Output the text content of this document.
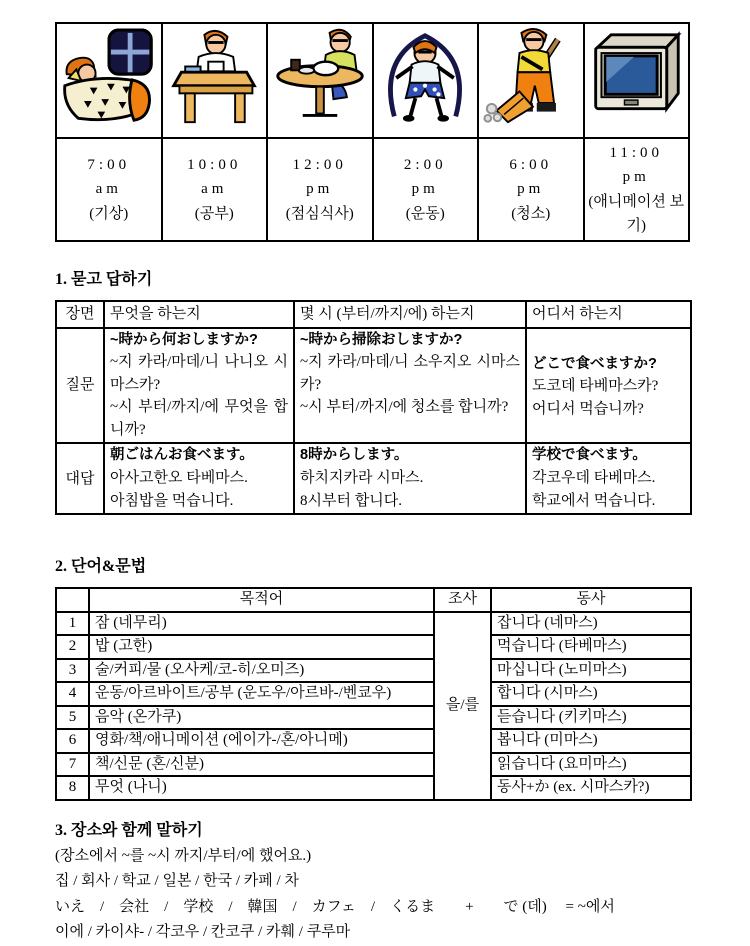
7:00
am
(기상)

10:00
am
(공부)

12:00
pm
(점심식사)

2:00
pm
(운동)

6:00
pm
(청소)

11:00
pm
(애니메이션 보기)
1. 묻고 답하기
장면	무엇을 하는지	몇 시 (부터/까지/에) 하는지	어디서 하는지
질문	
~時から何おしますか?
~지 카라/마데/니 나니오 시마스카?
~시 부터/까지/에 무엇을 합니까?

~時から掃除おしますか?
~지 카라/마데/니 소우지오 시마스카?
~시 부터/까지/에 청소를 합니까?

どこで食べますか?
도코데 타베마스카?
어디서 먹습니까?

대답	
朝ごはんお食べます。
아사고한오 타베마스.
아침밥을 먹습니다.

8時からします。
하치지카라 시마스.
8시부터 합니다.

学校で食べます。
각코우데 타베마스.
학교에서 먹습니다.
2. 단어&문법
	목적어	조사	동사
1	잠 (네무리)	을/를	잡니다 (네마스)
2	밥 (고한)		먹습니다 (타베마스)
3	술/커피/물 (오사케/코-히/오미즈)		마십니다 (노미마스)
4	운동/아르바이트/공부 (운도우/아르바-/벤쿄우)		합니다 (시마스)
5	음악 (온가쿠)		듣습니다 (키키마스)
6	영화/책/애니메이션 (에이가-/혼/아니메)		봅니다 (미마스)
7	책/신문 (혼/신분)		읽습니다 (요미마스)
8	무엇 (나니)		동사+か (ex. 시마스카?)
3. 장소와 함께 말하기
(장소에서 ~를 ~시 까지/부터/에 했어요.)
집 / 회사 / 학교 / 일본 / 한국 / 카페 / 차
いえ　/　会社　/　学校　/　韓国　/　カフェ　/　くるま　　+　　で (데)　 = ~에서
이에 / 카이샤- / 각코우 / 칸코쿠 / 카훼 / 쿠루마
